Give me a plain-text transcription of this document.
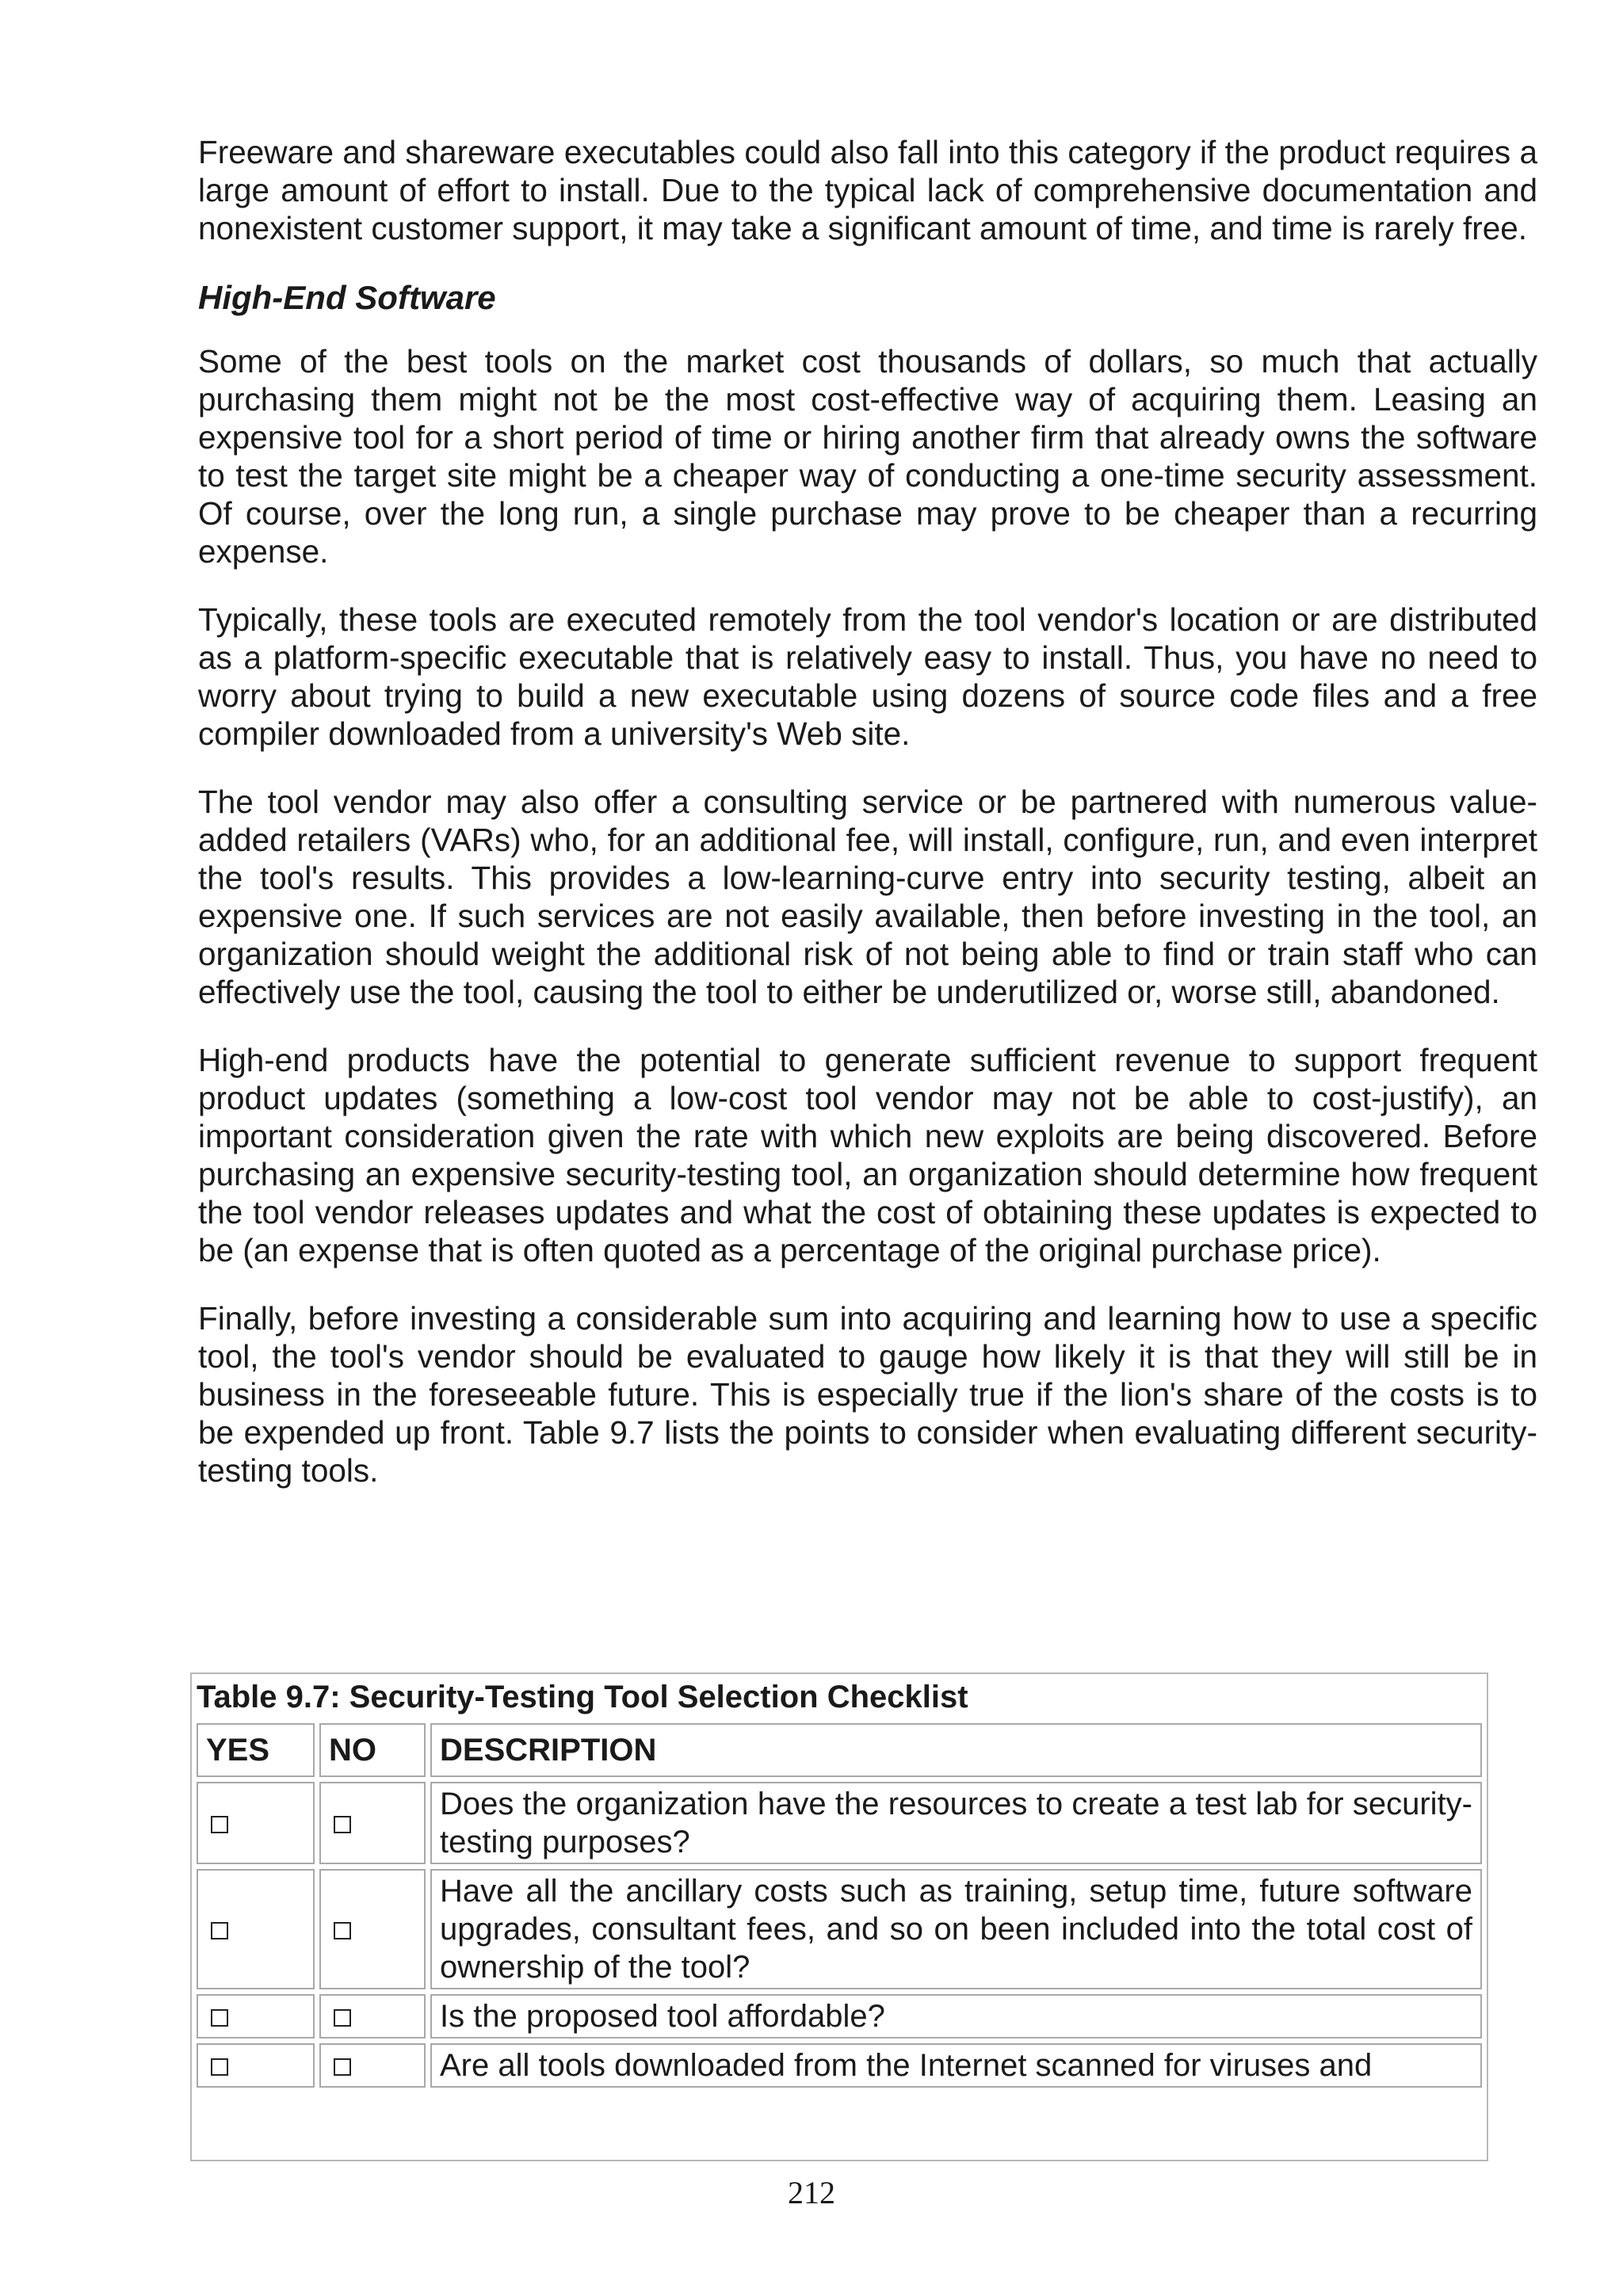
Freeware and shareware executables could also fall into this category if the product requires a large amount of effort to install. Due to the typical lack of comprehensive documentation and nonexistent customer support, it may take a significant amount of time, and time is rarely free.

High-End Software

Some of the best tools on the market cost thousands of dollars, so much that actually purchasing them might not be the most cost-effective way of acquiring them. Leasing an expensive tool for a short period of time or hiring another firm that already owns the software to test the target site might be a cheaper way of conducting a one-time security assessment. Of course, over the long run, a single purchase may prove to be cheaper than a recurring expense.

Typically, these tools are executed remotely from the tool vendor's location or are distributed as a platform-specific executable that is relatively easy to install. Thus, you have no need to worry about trying to build a new executable using dozens of source code files and a free compiler downloaded from a university's Web site.

The tool vendor may also offer a consulting service or be partnered with numerous value-added retailers (VARs) who, for an additional fee, will install, configure, run, and even interpret the tool's results. This provides a low-learning-curve entry into security testing, albeit an expensive one. If such services are not easily available, then before investing in the tool, an organization should weight the additional risk of not being able to find or train staff who can effectively use the tool, causing the tool to either be underutilized or, worse still, abandoned.

High-end products have the potential to generate sufficient revenue to support frequent product updates (something a low-cost tool vendor may not be able to cost-justify), an important consideration given the rate with which new exploits are being discovered. Before purchasing an expensive security-testing tool, an organization should determine how frequent the tool vendor releases updates and what the cost of obtaining these updates is expected to be (an expense that is often quoted as a percentage of the original purchase price).

Finally, before investing a considerable sum into acquiring and learning how to use a specific tool, the tool's vendor should be evaluated to gauge how likely it is that they will still be in business in the foreseeable future. This is especially true if the lion's share of the costs is to be expended up front. Table 9.7 lists the points to consider when evaluating different security-testing tools.

Table 9.7: Security-Testing Tool Selection Checklist
YES	NO	DESCRIPTION
		Does the organization have the resources to create a test lab for security-testing purposes?
		Have all the ancillary costs such as training, setup time, future software upgrades, consultant fees, and so on been included into the total cost of ownership of the tool?
		Is the proposed tool affordable?
		Are all tools downloaded from the Internet scanned for viruses and
212
